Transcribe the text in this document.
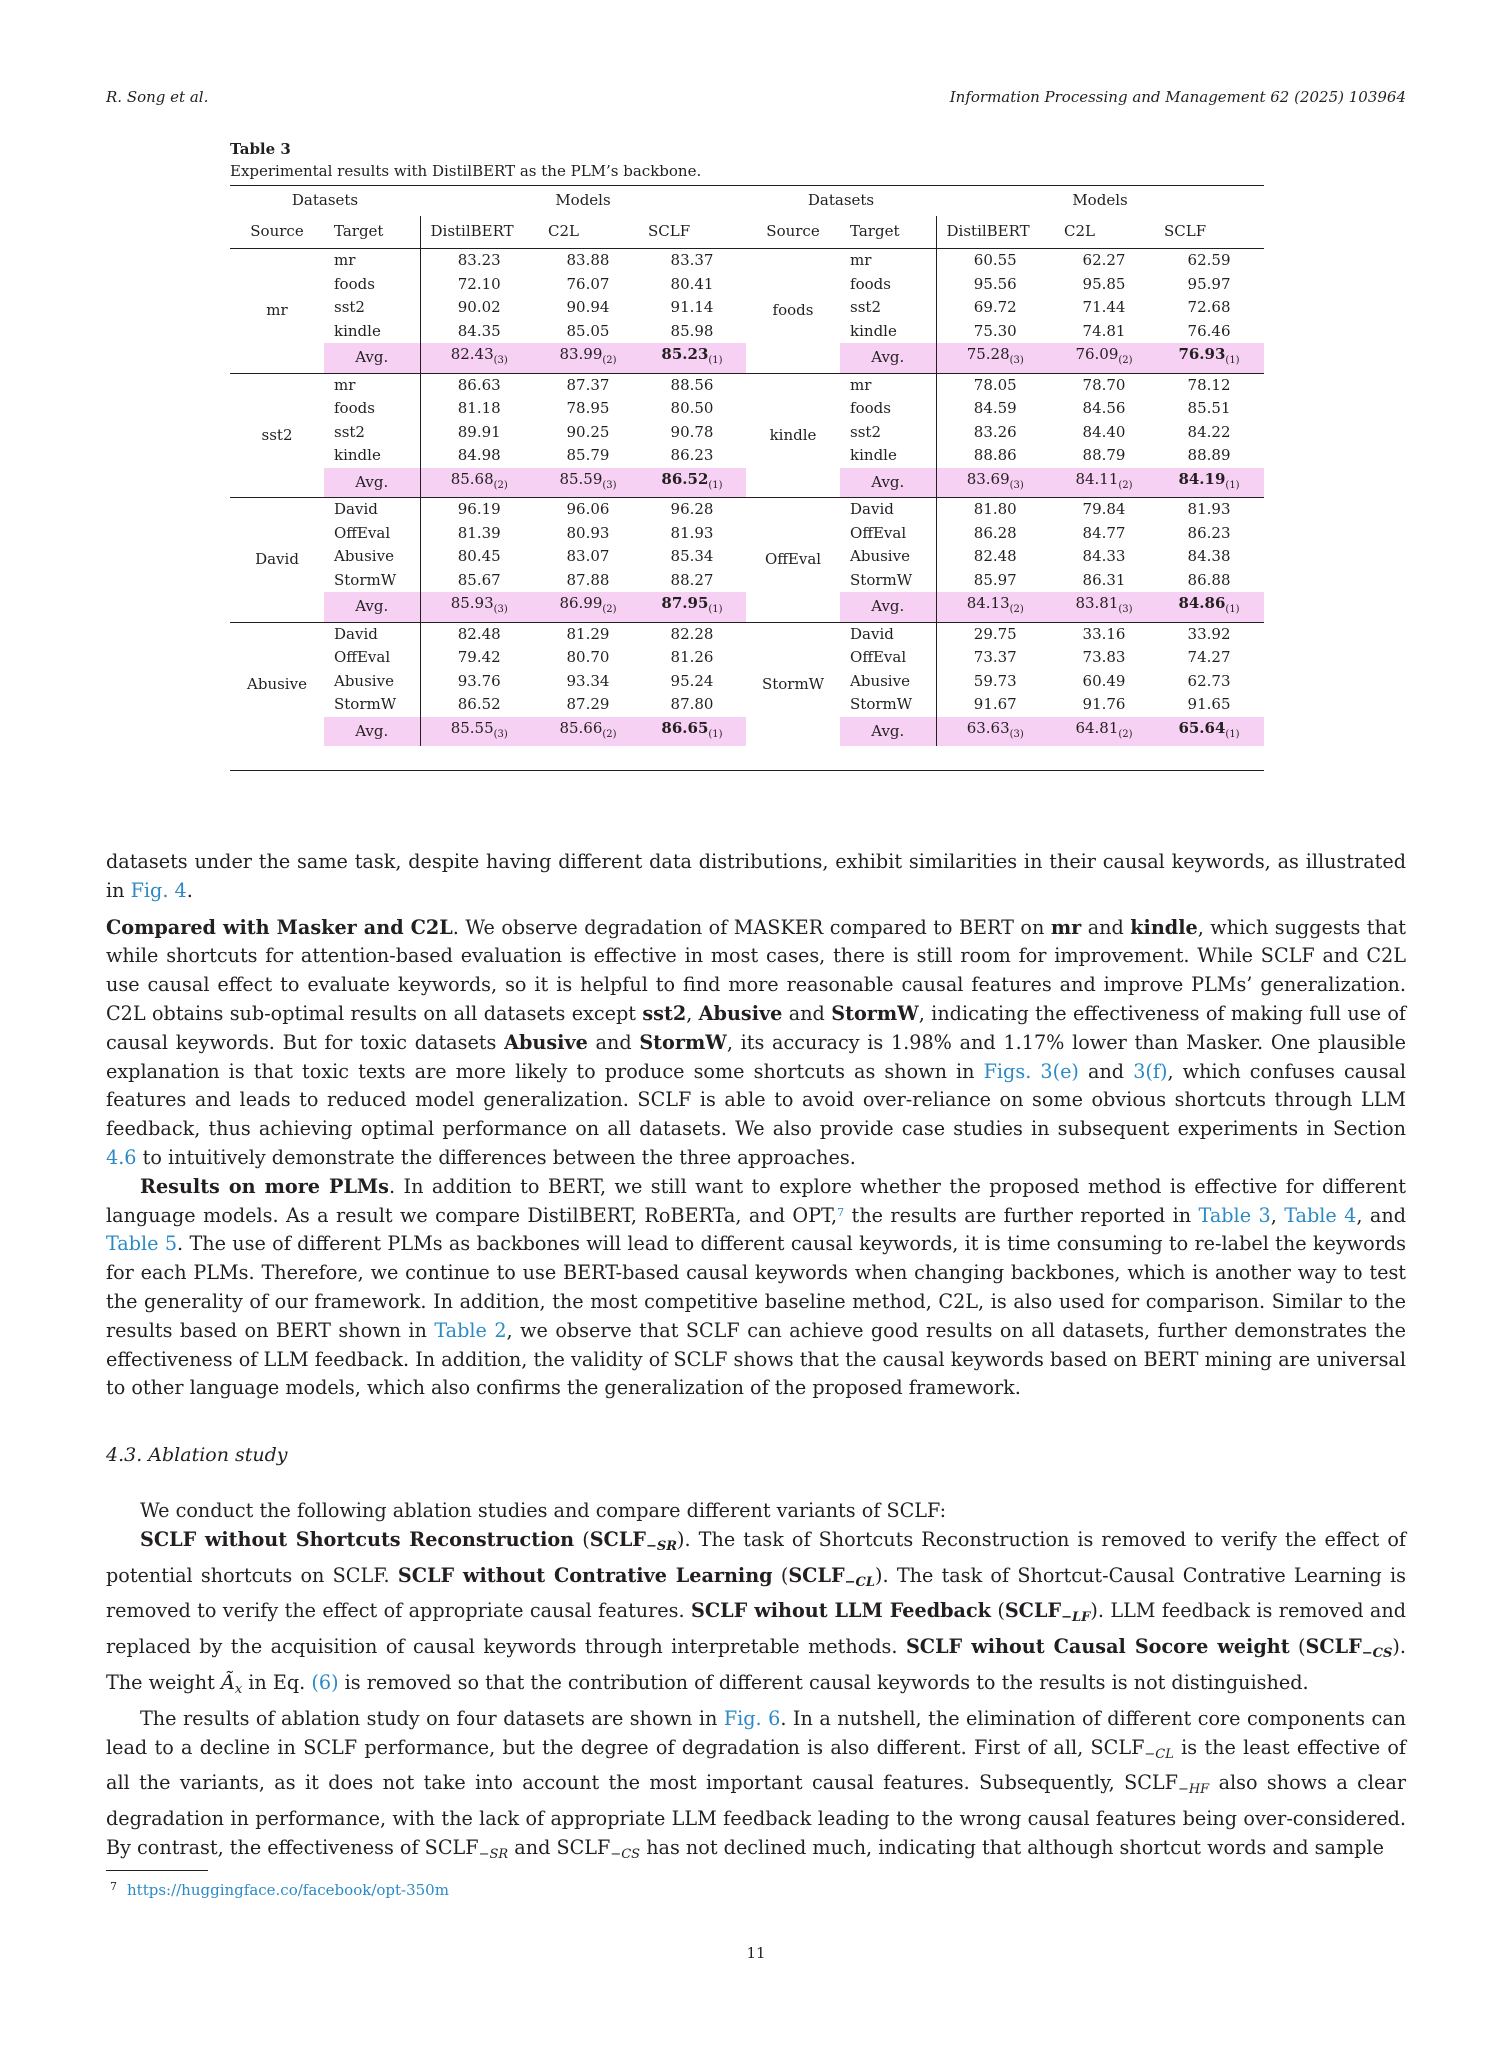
R. Song et al.	Information Processing and Management 62 (2025) 103964
Table 3
Experimental results with DistilBERT as the PLM’s backbone.
Datasets		Models			Datasets		Models		
Source	Target	DistilBERT	C2L	SCLF	Source	Target	DistilBERT	C2L	SCLF
mr	mr	83.23	83.88	83.37	foods	mr	60.55	62.27	62.59
	foods	72.10	76.07	80.41		foods	95.56	95.85	95.97
	sst2	90.02	90.94	91.14		sst2	69.72	71.44	72.68
	kindle	84.35	85.05	85.98		kindle	75.30	74.81	76.46
	Avg.	$82.43_{(3)}$	$83.99_{(2)}$	$85.23_{(1)}$		Avg.	$75.28_{(3)}$	$76.09_{(2)}$	$76.93_{(1)}$
sst2	mr	86.63	87.37	88.56	kindle	mr	78.05	78.70	78.12
	foods	81.18	78.95	80.50		foods	84.59	84.56	85.51
	sst2	89.91	90.25	90.78		sst2	83.26	84.40	84.22
	kindle	84.98	85.79	86.23		kindle	88.86	88.79	88.89
	Avg.	$85.68_{(2)}$	$85.59_{(3)}$	$86.52_{(1)}$		Avg.	$83.69_{(3)}$	$84.11_{(2)}$	$84.19_{(1)}$
David	David	96.19	96.06	96.28	OffEval	David	81.80	79.84	81.93
	OffEval	81.39	80.93	81.93		OffEval	86.28	84.77	86.23
	Abusive	80.45	83.07	85.34		Abusive	82.48	84.33	84.38
	StormW	85.67	87.88	88.27		StormW	85.97	86.31	86.88
	Avg.	$85.93_{(3)}$	$86.99_{(2)}$	$87.95_{(1)}$		Avg.	$84.13_{(2)}$	$83.81_{(3)}$	$84.86_{(1)}$
Abusive	David	82.48	81.29	82.28	StormW	David	29.75	33.16	33.92
	OffEval	79.42	80.70	81.26		OffEval	73.37	73.83	74.27
	Abusive	93.76	93.34	95.24		Abusive	59.73	60.49	62.73
	StormW	86.52	87.29	87.80		StormW	91.67	91.76	91.65
	Avg.	$85.55_{(3)}$	$85.66_{(2)}$	$86.65_{(1)}$		Avg.	$63.63_{(3)}$	$64.81_{(2)}$	$65.64_{(1)}$

datasets under the same task, despite having different data distributions, exhibit similarities in their causal keywords, as illustrated in Fig. 4.

Compared with Masker and C2L. We observe degradation of MASKER compared to BERT on mr and kindle, which suggests that while shortcuts for attention-based evaluation is effective in most cases, there is still room for improvement. While SCLF and C2L use causal effect to evaluate keywords, so it is helpful to find more reasonable causal features and improve PLMs’ generalization. C2L obtains sub-optimal results on all datasets except sst2, Abusive and StormW, indicating the effectiveness of making full use of causal keywords. But for toxic datasets Abusive and StormW, its accuracy is 1.98% and 1.17% lower than Masker. One plausible explanation is that toxic texts are more likely to produce some shortcuts as shown in Figs. 3(e) and 3(f), which confuses causal features and leads to reduced model generalization. SCLF is able to avoid over-reliance on some obvious shortcuts through LLM feedback, thus achieving optimal performance on all datasets. We also provide case studies in subsequent experiments in Section 4.6 to intuitively demonstrate the differences between the three approaches.

Results on more PLMs. In addition to BERT, we still want to explore whether the proposed method is effective for different language models. As a result we compare DistilBERT, RoBERTa, and OPT,$^7$ the results are further reported in Table 3, Table 4, and Table 5. The use of different PLMs as backbones will lead to different causal keywords, it is time consuming to re-label the keywords for each PLMs. Therefore, we continue to use BERT-based causal keywords when changing backbones, which is another way to test the generality of our framework. In addition, the most competitive baseline method, C2L, is also used for comparison. Similar to the results based on BERT shown in Table 2, we observe that SCLF can achieve good results on all datasets, further demonstrates the effectiveness of LLM feedback. In addition, the validity of SCLF shows that the causal keywords based on BERT mining are universal to other language models, which also confirms the generalization of the proposed framework.

4.3. Ablation study

We conduct the following ablation studies and compare different variants of SCLF:

SCLF without Shortcuts Reconstruction $(SCLF_{-SR})$. The task of Shortcuts Reconstruction is removed to verify the effect of potential shortcuts on SCLF. SCLF without Contrative Learning $(SCLF_{-CL})$. The task of Shortcut-Causal Contrative Learning is removed to verify the effect of appropriate causal features. SCLF wihout LLM Feedback $(SCLF_{-LF})$. LLM feedback is removed and replaced by the acquisition of causal keywords through interpretable methods. SCLF wihout Causal Socore weight $(SCLF_{-CS})$. The weight $Ã_x$ in Eq. (6) is removed so that the contribution of different causal keywords to the results is not distinguished.

The results of ablation study on four datasets are shown in Fig. 6. In a nutshell, the elimination of different core components can lead to a decline in SCLF performance, but the degree of degradation is also different. First of all, $SCLF_{-CL}$ is the least effective of all the variants, as it does not take into account the most important causal features. Subsequently, $SCLF_{-HF}$ also shows a clear degradation in performance, with the lack of appropriate LLM feedback leading to the wrong causal features being over-considered. By contrast, the effectiveness of $SCLF_{-SR}$ and $SCLF_{-CS}$ has not declined much, indicating that although shortcut words and sample

$^7$ https://huggingface.co/facebook/opt-350m
11
